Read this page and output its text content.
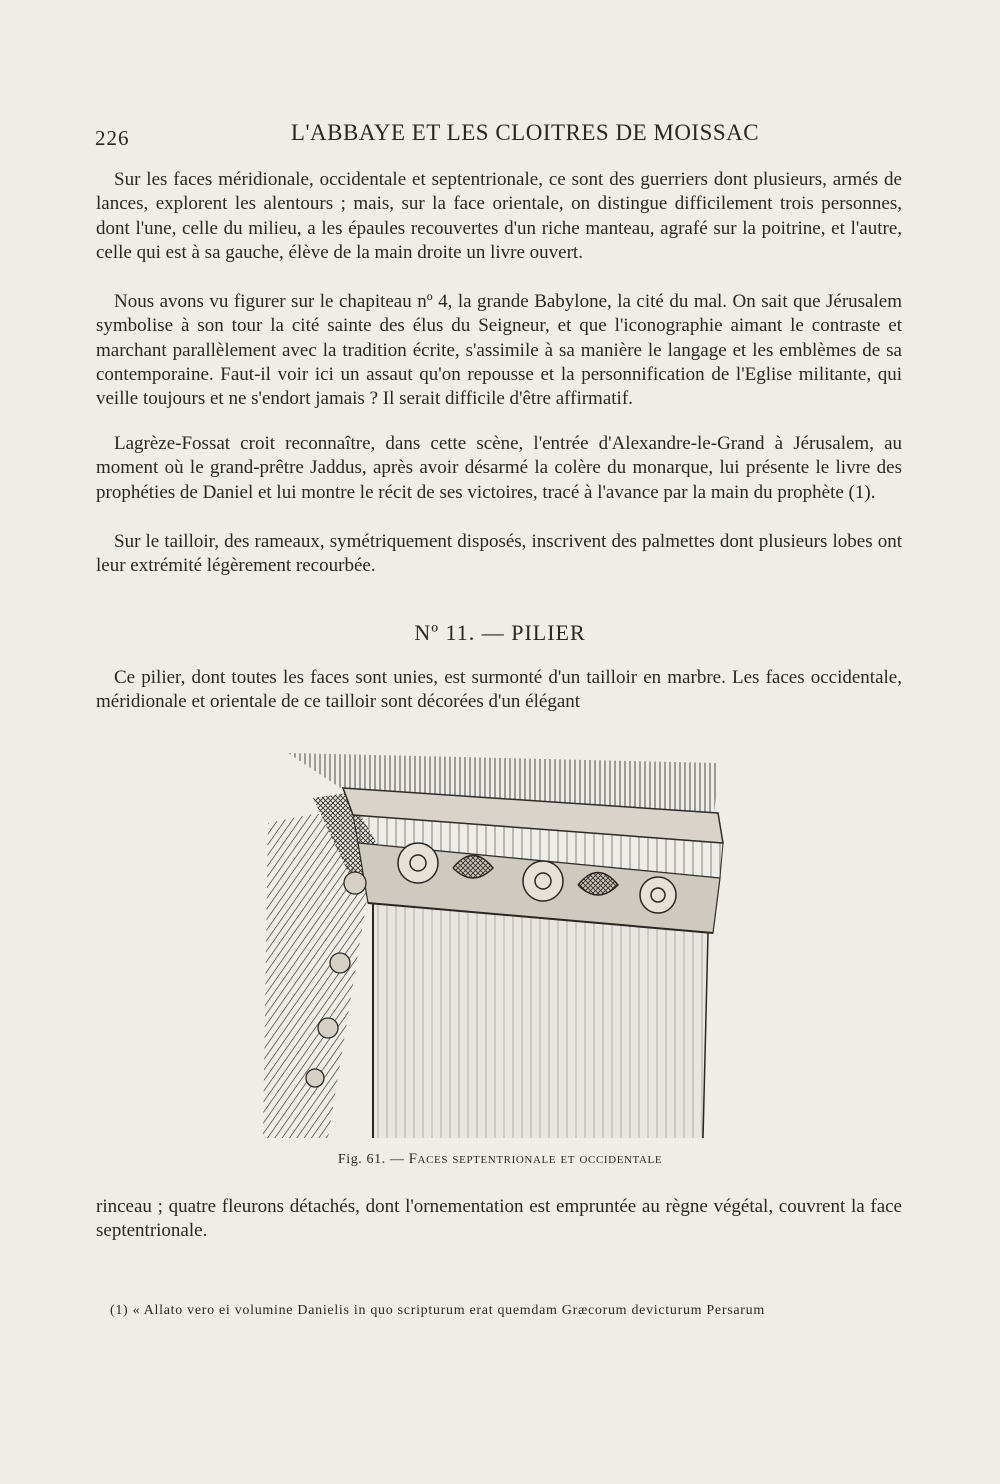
226	L'ABBAYE ET LES CLOITRES DE MOISSAC

Sur les faces méridionale, occidentale et septentrionale, ce sont des guerriers dont plusieurs, armés de lances, explorent les alentours ; mais, sur la face orientale, on distingue difficilement trois personnes, dont l'une, celle du milieu, a les épaules recouvertes d'un riche manteau, agrafé sur la poitrine, et l'autre, celle qui est à sa gauche, élève de la main droite un livre ouvert.

Nous avons vu figurer sur le chapiteau nº 4, la grande Babylone, la cité du mal. On sait que Jérusalem symbolise à son tour la cité sainte des élus du Seigneur, et que l'iconographie aimant le contraste et marchant parallèlement avec la tradition écrite, s'assimile à sa manière le langage et les emblèmes de sa contemporaine. Faut-il voir ici un assaut qu'on repousse et la personnification de l'Eglise militante, qui veille toujours et ne s'endort jamais ? Il serait difficile d'être affirmatif.

Lagrèze-Fossat croit reconnaître, dans cette scène, l'entrée d'Alexandre-le-Grand à Jérusalem, au moment où le grand-prêtre Jaddus, après avoir désarmé la colère du monarque, lui présente le livre des prophéties de Daniel et lui montre le récit de ses victoires, tracé à l'avance par la main du prophète (1).

Sur le tailloir, des rameaux, symétriquement disposés, inscrivent des palmettes dont plusieurs lobes ont leur extrémité légèrement recourbée.

Nº 11. — PILIER

Ce pilier, dont toutes les faces sont unies, est surmonté d'un tailloir en marbre. Les faces occidentale, méridionale et orientale de ce tailloir sont décorées d'un élégant

Fig. 61. — Faces septentrionale et occidentale

rinceau ; quatre fleurons détachés, dont l'ornementation est empruntée au règne végétal, couvrent la face septentrionale.

(1) « Allato vero ei volumine Danielis in quo scripturum erat quemdam Græcorum devicturum Persarum
